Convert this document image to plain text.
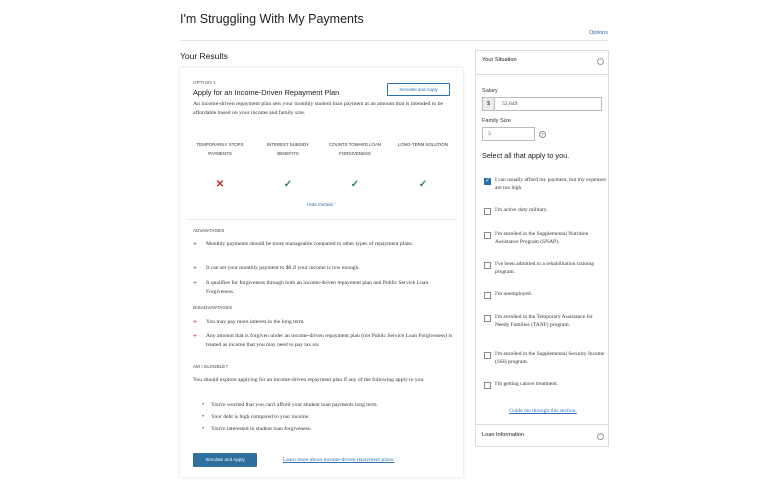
I'm Struggling With My Payments
Options
Your Results
OPTION 1
Apply for an Income-Driven Repayment Plan	Simulate and Apply
An income-driven repayment plan sets your monthly student loan payment at an amount that is intended to be affordable based on your income and family size.
TEMPORARILY STOPS PAYMENTS
INTEREST SUBSIDY BENEFITS
COUNTS TOWARD LOAN FORGIVENESS
LONG-TERM SOLUTION
✕	✓	✓	✓
Hide Details ˆ
ADVANTAGES
+	Monthly payments should be more manageable compared to other types of repayment plans.
+	It can set your monthly payment to $0 if your income is low enough.
+	It qualifies for forgiveness through both an income-driven repayment plan and Public Service Loan Forgiveness.
DISADVANTAGES
+	You may pay more interest in the long term.
+	Any amount that is forgiven under an income-driven repayment plan (not Public Service Loan Forgiveness) is treated as income that you may need to pay tax on.
AM I ELIGIBLE?
You should explore applying for an income-driven repayment plan if any of the following apply to you.
•	You're worried that you can't afford your student loan payments long term.
•	Your debt is high compared to your income.
•	You're interested in student loan forgiveness.
Simulate and Apply	Learn more about income-driven repayment plans.
Your Situation	·
Salary
$	52,649
Family Size
3	?
Select all that apply to you.
✓ I can usually afford my payment, but my expenses are too high.
I'm active duty military.
I'm enrolled in the Supplemental Nutrition Assistance Program (SNAP).
I've been admitted to a rehabilitation training program.
I'm unemployed.
I'm enrolled in the Temporary Assistance for Needy Families (TANF) program.
I'm enrolled in the Supplemental Security Income (SSI) program.
I'm getting cancer treatment.
Guide me through this section.
Loan Information	−
